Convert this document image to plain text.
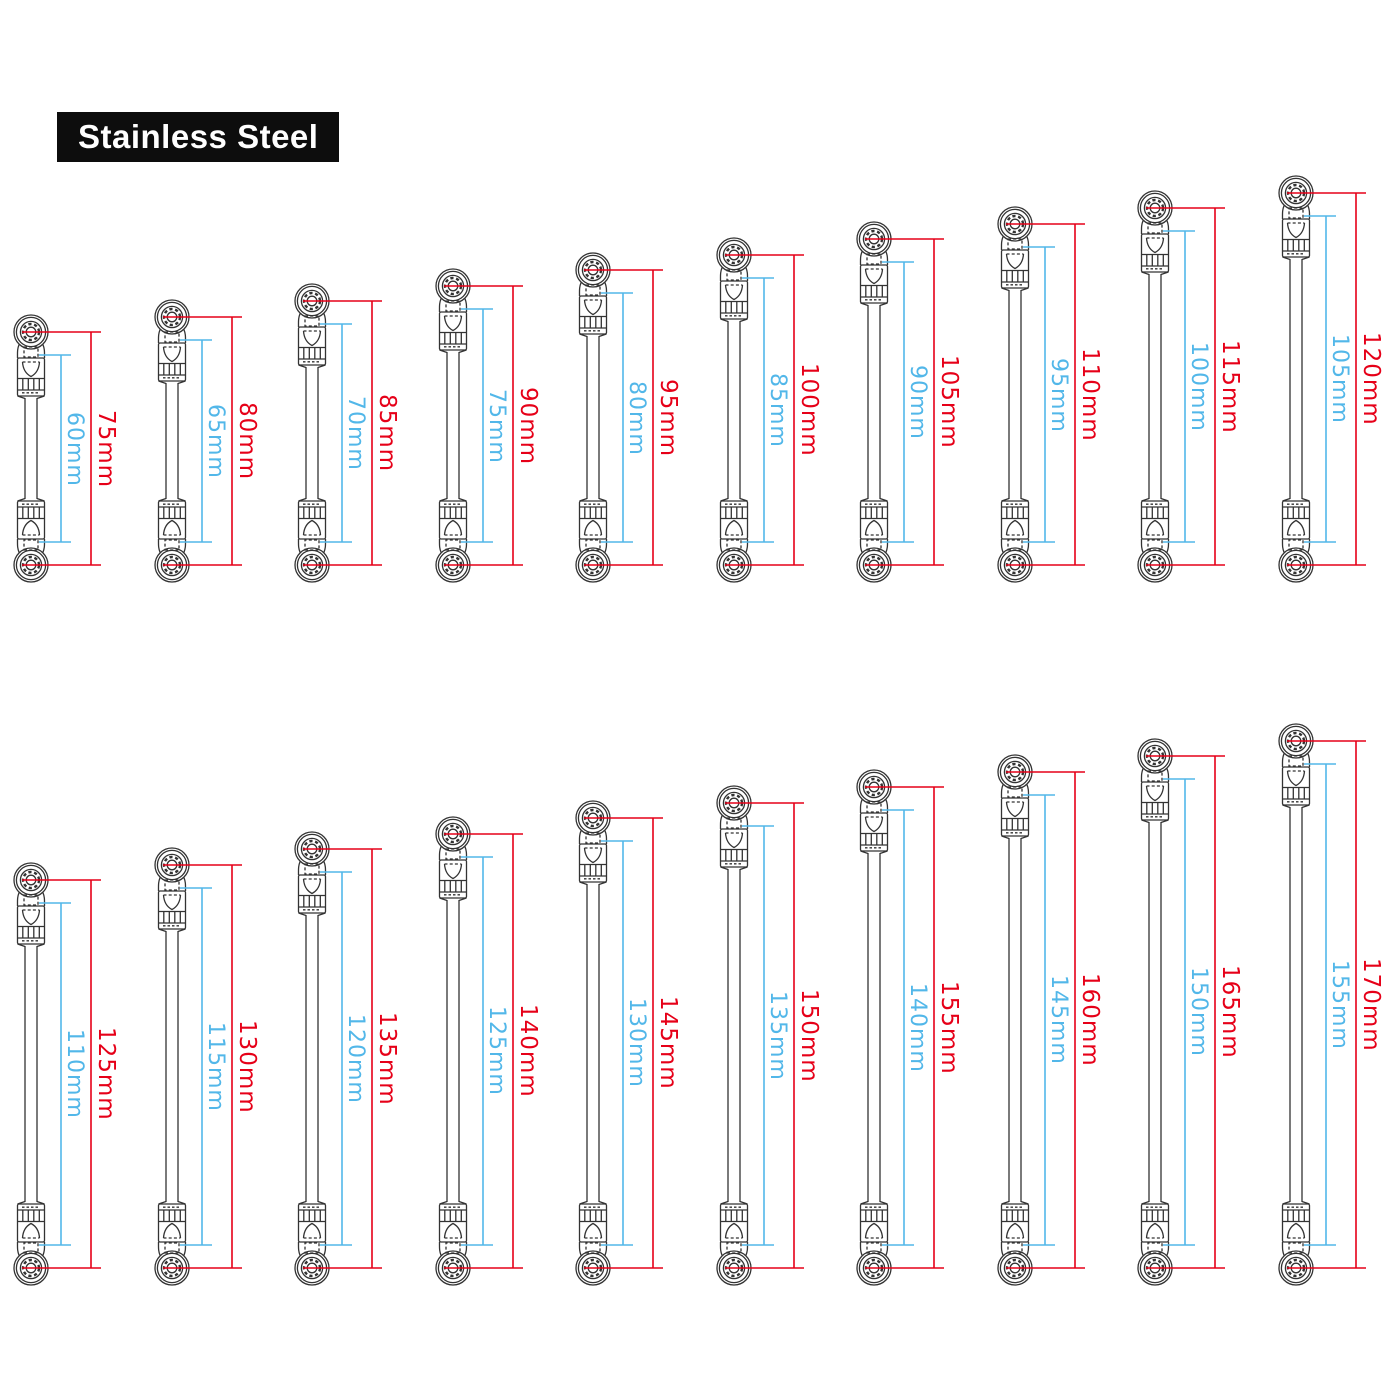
Stainless Steel
75mm
60mm	80mm
65mm	85mm
70mm	90mm
75mm	95mm
80mm	100mm
85mm	105mm
90mm	110mm
95mm	115mm
100mm	120mm
105mm
125mm
110mm	130mm
115mm	135mm
120mm	140mm
125mm	145mm
130mm	150mm
135mm	155mm
140mm	160mm
145mm	165mm
150mm	170mm
155mm
